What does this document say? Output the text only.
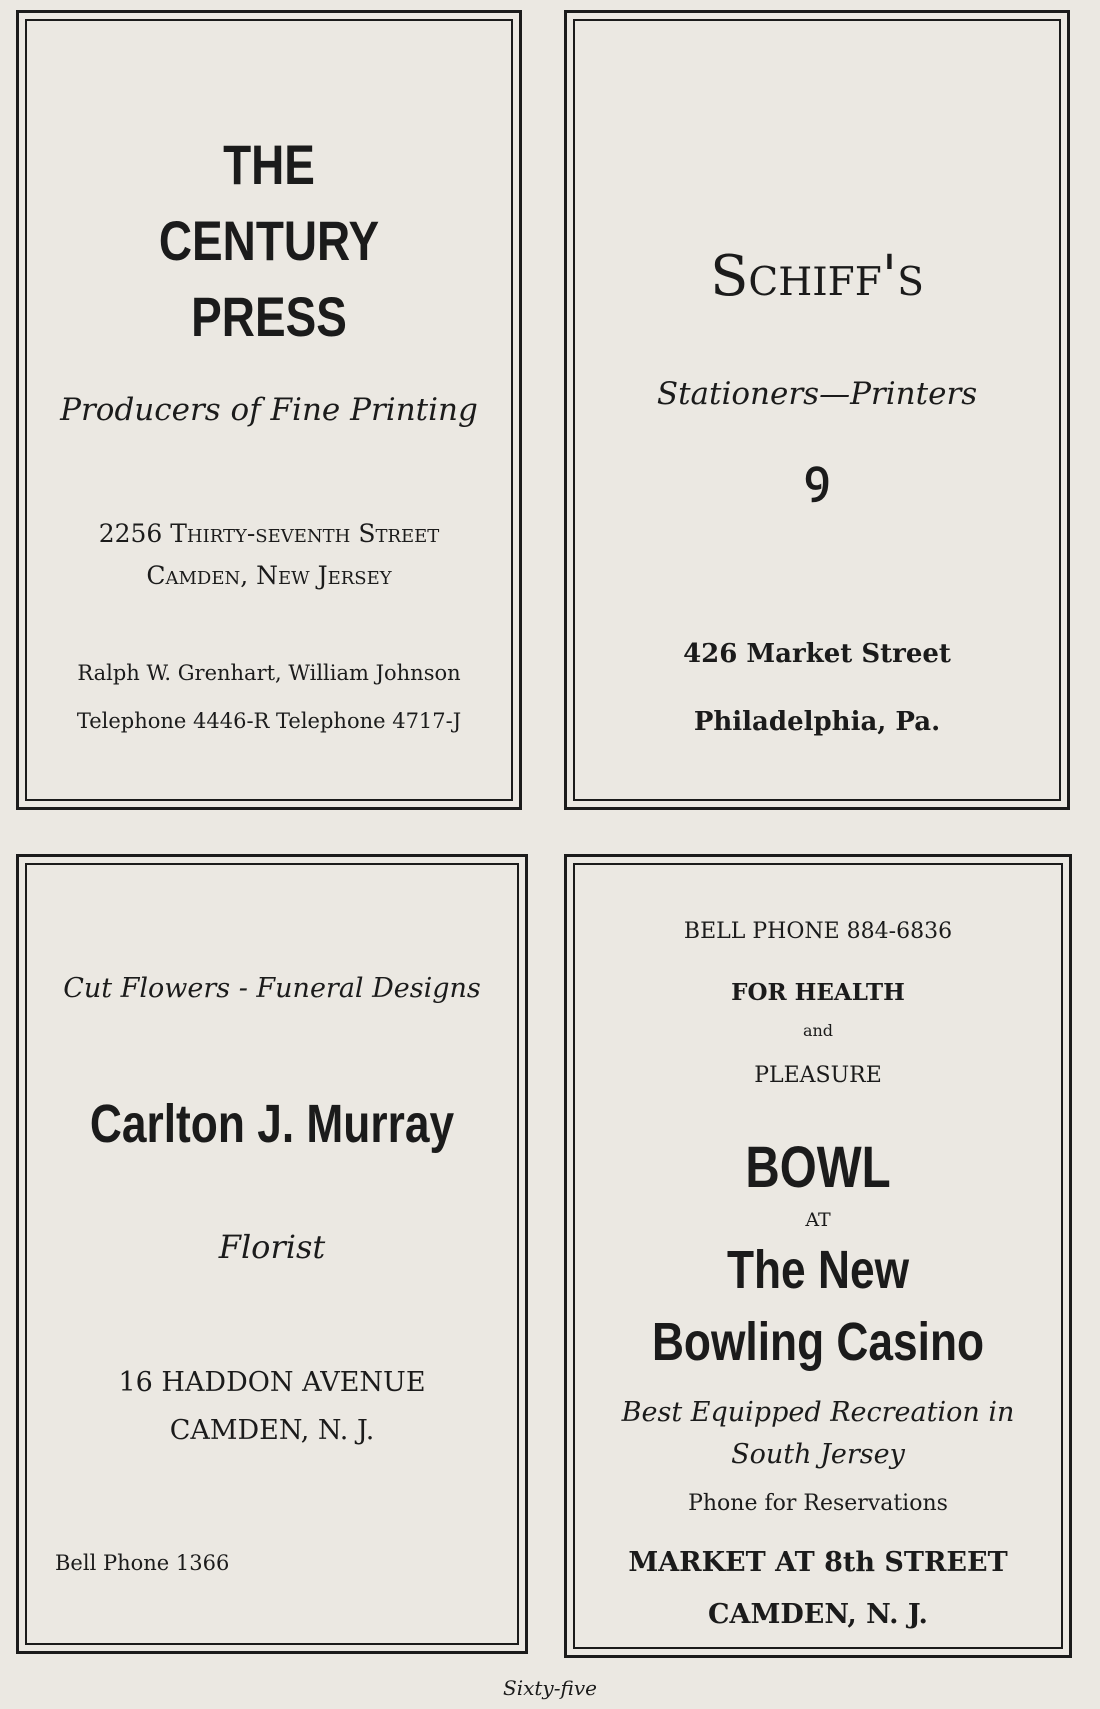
THE
CENTURY
PRESS
Producers of Fine Printing
2256 Thirty-seventh Street
Camden, New Jersey
Ralph W. Grenhart, William Johnson
Telephone 4446-R Telephone 4717-J
Schiff's
Stationers—Printers
ꝯ
426 Market Street
Philadelphia, Pa.
Cut Flowers - Funeral Designs
Carlton J. Murray
Florist
16 HADDON AVENUE
CAMDEN, N. J.
Bell Phone 1366
BELL PHONE 884-6836
FOR HEALTH
and
PLEASURE
BOWL
AT
The New
Bowling Casino
Best Equipped Recreation in
South Jersey
Phone for Reservations
MARKET AT 8th STREET
CAMDEN, N. J.
Sixty-five
